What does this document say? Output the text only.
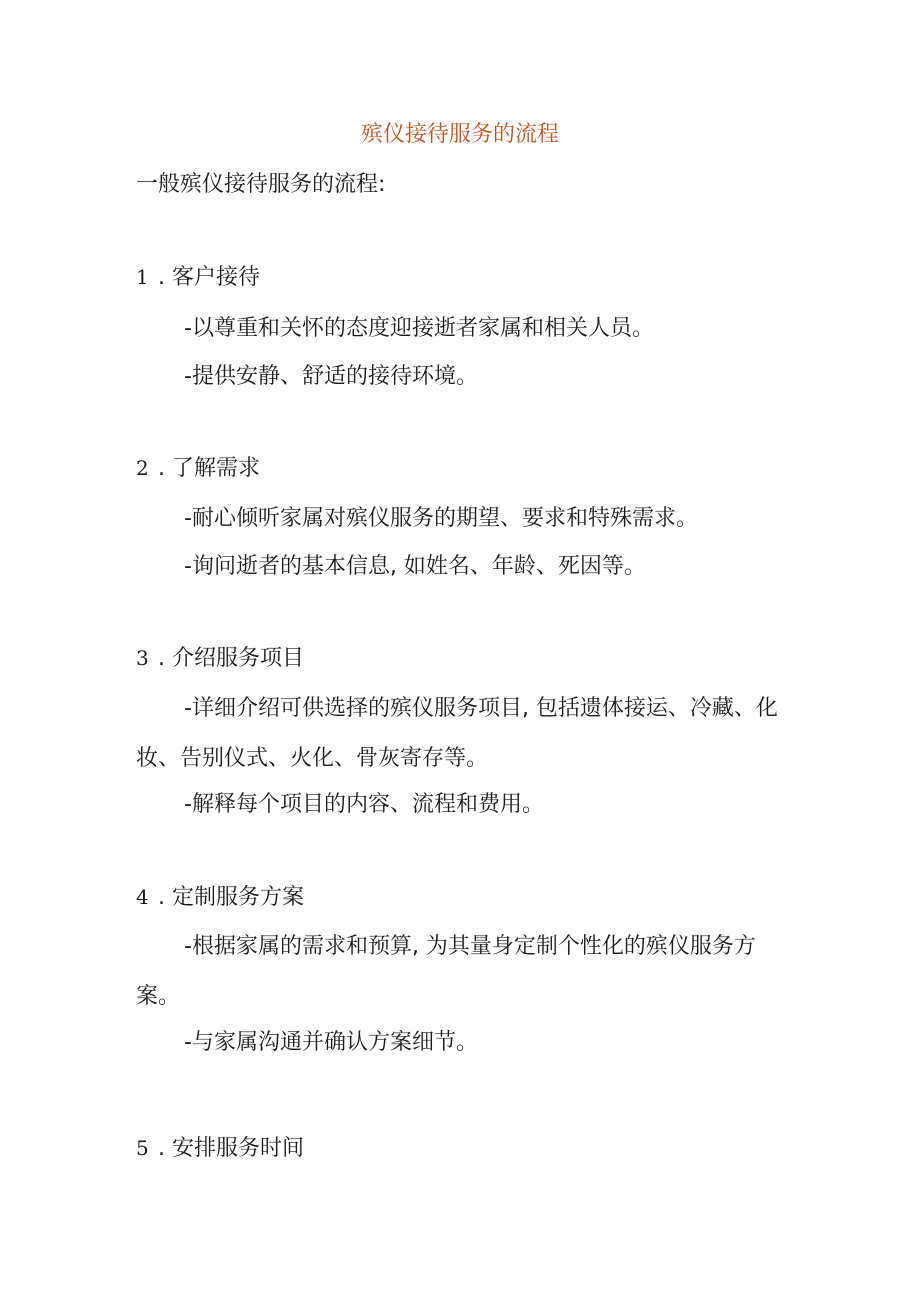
殡仪接待服务的流程
一般殡仪接待服务的流程:
1 . 客户接待
-以尊重和关怀的态度迎接逝者家属和相关人员。
-提供安静、舒适的接待环境。
2 . 了解需求
-耐心倾听家属对殡仪服务的期望、要求和特殊需求。
-询问逝者的基本信息, 如姓名、年龄、死因等。
3 . 介绍服务项目
-详细介绍可供选择的殡仪服务项目, 包括遗体接运、冷藏、化妆、告别仪式、火化、骨灰寄存等。
-解释每个项目的内容、流程和费用。
4 . 定制服务方案
-根据家属的需求和预算, 为其量身定制个性化的殡仪服务方案。
-与家属沟通并确认方案细节。
5 . 安排服务时间
